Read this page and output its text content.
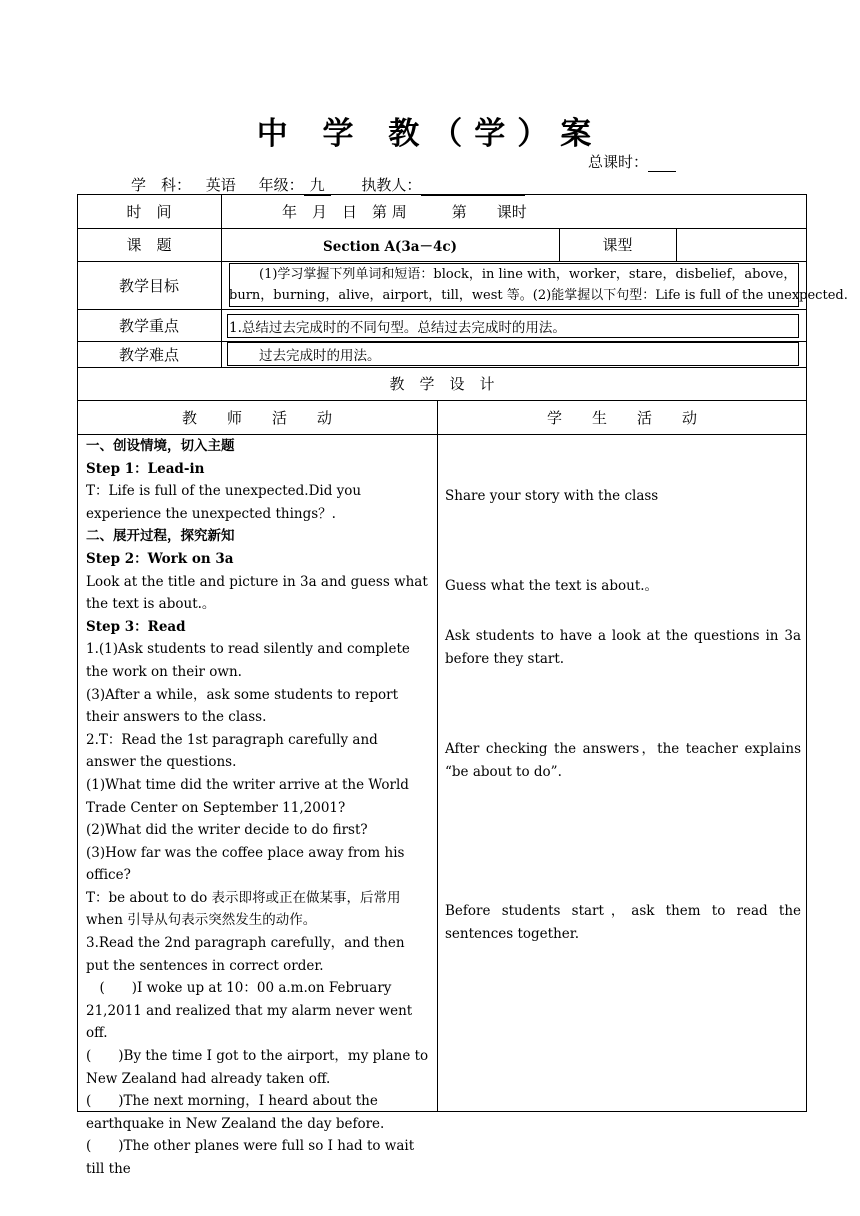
中 学 教（学）案
总课时：
学　科： 英语 年级： 九 执教人：
时　间	年　月　日　第 周　　　第　　课时
课　题	Section A(3a－4c)	课型
教学目标
(1)学习掌握下列单词和短语：block，in line with，worker，stare，disbelief，above，
burn，burning，alive，airport，till，west 等。(2)能掌握以下句型：Life is full of the unexpected.
教学重点	1.总结过去完成时的不同句型。总结过去完成时的用法。
教学难点	过去完成时的用法。
教　学　设　计
教　　师　　活　　动	学　　生　　活　　动

一、创设情境，切入主题

Step 1：Lead-in

T：Life is full of the unexpected.Did you experience the unexpected things？.

二、展开过程，探究新知

Step 2：Work on 3a

Look at the title and picture in 3a and guess what the text is about.。

Step 3：Read

1.(1)Ask students to read silently and complete the work on their own.

(3)After a while，ask some students to report their answers to the class.

2.T：Read the 1st paragraph carefully and answer the questions.

(1)What time did the writer arrive at the World Trade Center on September 11,2001?

(2)What did the writer decide to do first?

(3)How far was the coffee place away from his office?

T：be about to do 表示即将或正在做某事，后常用 when 引导从句表示突然发生的动作。

3.Read the 2nd paragraph carefully，and then put the sentences in correct order.

　(　　)I woke up at 10：00 a.m.on February 21,2011 and realized that my alarm never went off.

(　　)By the time I got to the airport，my plane to New Zealand had already taken off.

(　　)The next morning，I heard about the earthquake in New Zealand the day before.

(　　)The other planes were full so I had to wait till the

Share your story with the class
Guess what the text is about.。
Ask students to have a look at the questions in 3a before they start.
After checking the answers，the teacher explains “be about to do”.
Before students start，ask them to read the sentences together.
